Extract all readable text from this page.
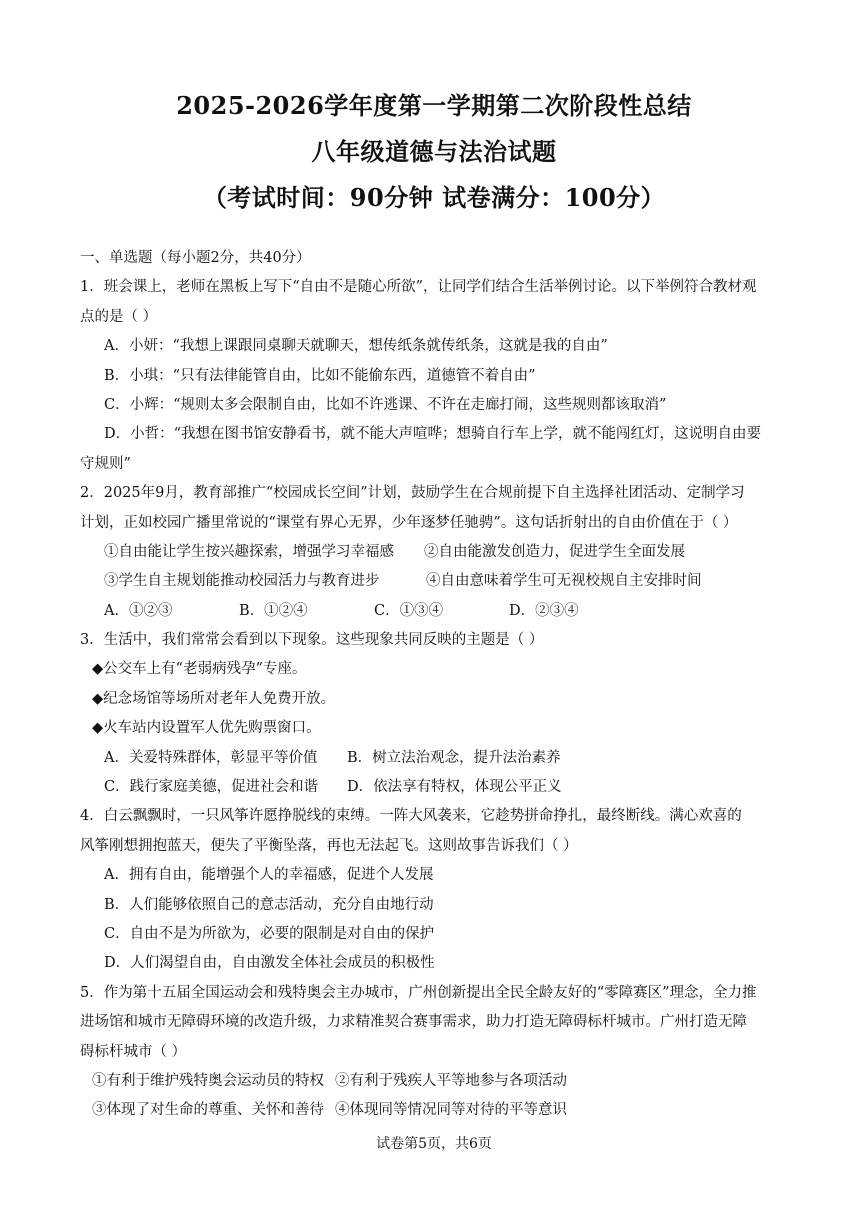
2025-2026学年度第一学期第二次阶段性总结
八年级道德与法治试题
（考试时间：90分钟 试卷满分：100分）
一、单选题（每小题2分，共40分）
1．班会课上，老师在黑板上写下“自由不是随心所欲”，让同学们结合生活举例讨论。以下举例符合教材观
点的是（ ）
A．小妍：“我想上课跟同桌聊天就聊天，想传纸条就传纸条，这就是我的自由”
B．小琪：“只有法律能管自由，比如不能偷东西，道德管不着自由”
C．小辉：“规则太多会限制自由，比如不许逃课、不许在走廊打闹，这些规则都该取消”
D．小哲：“我想在图书馆安静看书，就不能大声喧哗；想骑自行车上学，就不能闯红灯，这说明自由要
守规则”
2．2025年9月，教育部推广“校园成长空间”计划，鼓励学生在合规前提下自主选择社团活动、定制学习
计划，正如校园广播里常说的“课堂有界心无界，少年逐梦任驰骋”。这句话折射出的自由价值在于（ ）
①自由能让学生按兴趣探索，增强学习幸福感	②自由能激发创造力，促进学生全面发展
③学生自主规划能推动校园活力与教育进步	④自由意味着学生可无视校规自主安排时间
A．①②③	B．①②④	C．①③④	D．②③④
3．生活中，我们常常会看到以下现象。这些现象共同反映的主题是（ ）
◆公交车上有“老弱病残孕”专座。
◆纪念场馆等场所对老年人免费开放。
◆火车站内设置军人优先购票窗口。
A．关爱特殊群体，彰显平等价值	B．树立法治观念，提升法治素养
C．践行家庭美德，促进社会和谐	D．依法享有特权，体现公平正义
4．白云飘飘时，一只风筝许愿挣脱线的束缚。一阵大风袭来，它趁势拼命挣扎，最终断线。满心欢喜的
风筝刚想拥抱蓝天，便失了平衡坠落，再也无法起飞。这则故事告诉我们（ ）
A．拥有自由，能增强个人的幸福感，促进个人发展
B．人们能够依照自己的意志活动，充分自由地行动
C．自由不是为所欲为，必要的限制是对自由的保护
D．人们渴望自由，自由激发全体社会成员的积极性
5．作为第十五届全国运动会和残特奥会主办城市，广州创新提出全民全龄友好的“零障赛区”理念，全力推
进场馆和城市无障碍环境的改造升级，力求精准契合赛事需求，助力打造无障碍标杆城市。广州打造无障
碍标杆城市（ ）
①有利于维护残特奥会运动员的特权 ②有利于残疾人平等地参与各项活动
③体现了对生命的尊重、关怀和善待 ④体现同等情况同等对待的平等意识
试卷第5页，共6页
